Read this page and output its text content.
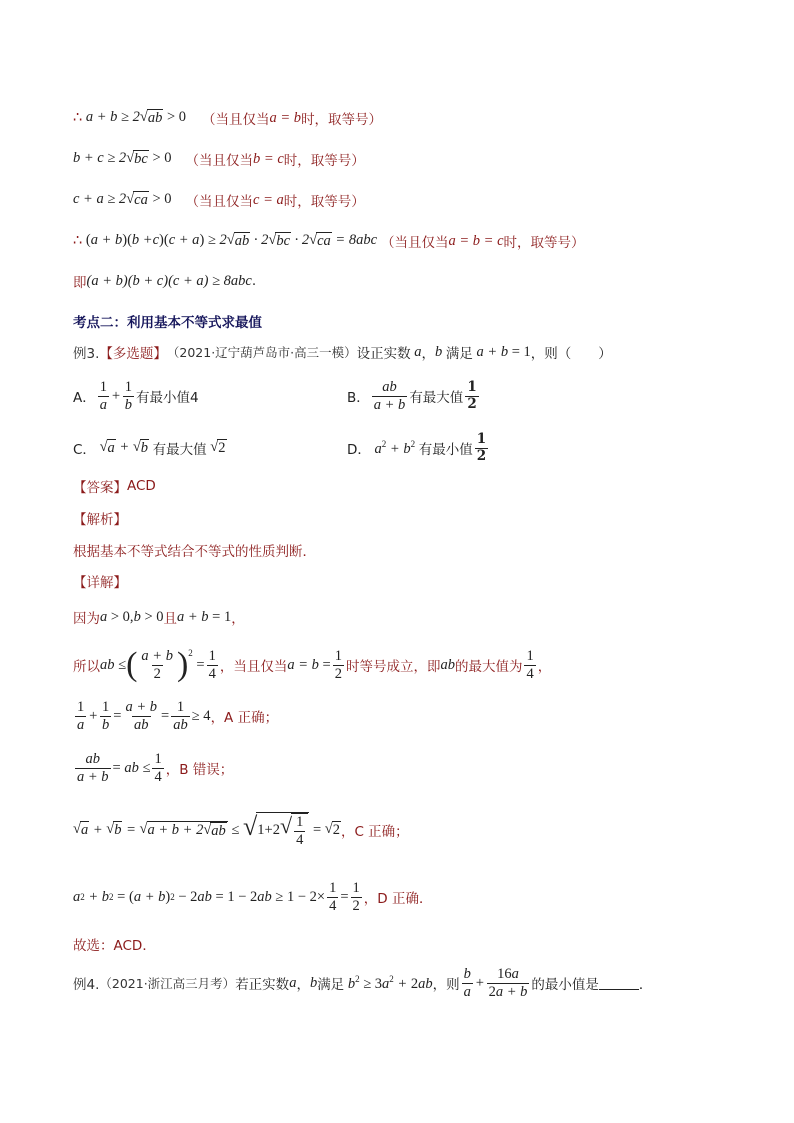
∴ a + b ≥ 2 √ ab > 0 （当且仅当 a = b 时，取等号）
b + c ≥ 2 √ bc > 0 （当且仅当 b = c 时，取等号）
c + a ≥ 2 √ ca > 0 （当且仅当 c = a 时，取等号）
∴ (a + b)(b +c)(c + a) ≥ 2 √ ab · 2 √ bc · 2 √ ca = 8abc （当且仅当 a = b = c 时，取等号）
即 (a + b)(b + c)(c + a) ≥ 8abc .
考点二：利用基本不等式求最值
例3. 【多选题】 （2021·辽宁葫芦岛市·高三一模） 设正实数 a ， b 满足 a + b = 1 ，则（　　）
A． $\frac{1}{a} + \frac{1}{b}$ 有最小值4	B． $\frac{ab}{a + b}$ 有最大值 $\frac{1}{2}$
C．
√ a + √ b
有最大值
√ 2	D． $a^2 + b^2$ 有最小值 $\frac{1}{2}$
【答案】 ACD
【解析】
根据基本不等式结合不等式的性质判断．
【详解】
因为 a > 0,b > 0 且 a + b = 1 ，
所以 ab ≤ ( $\frac{a + b}{2} )^2$
= $\frac{1}{4}$ ，当且仅当 $a = b = \frac{1}{2}$ 时等号成立，即 ab 的最大值为 $\frac{1}{4}$ ，
$\frac{1}{a} + \frac{1}{b} = \frac{a + b}{ab} = \frac{1}{ab} \ge 4$ ，A 正确；
$\frac{ab}{a + b}$ = ab ≤ $\frac{1}{4}$ ，B 错误；
√ a + √ b = √ a + b + 2 √ ab ≤ √ 1+2 √ $\frac{1}{4}$ = √ 2 ，C 正确；
a 2 + b 2
= ( a + b ) 2
− 2 ab = 1 − 2 ab ≥ $1 - 2\times \frac{1}{4} = \frac{1}{2}$ ，D 正确．
故选：ACD．
例4. （2021·浙江高三月考） 若正实数 a ， b 满足 $b^2 \ge 3a^2 + 2ab$ ，则 $\frac{b}{a} + \frac{16a}{2a + b}$ 的最小值是	．
